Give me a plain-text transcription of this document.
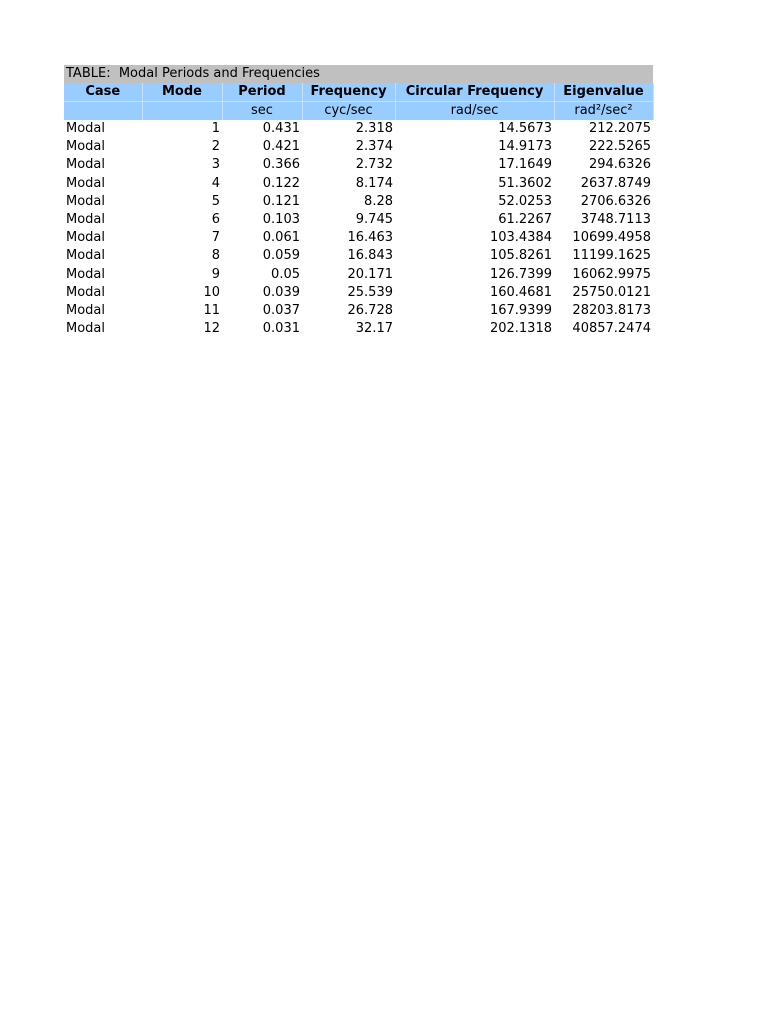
TABLE:  Modal Periods and Frequencies
Case	Mode	Period	Frequency	Circular Frequency	Eigenvalue
		sec	cyc/sec	rad/sec	rad²/sec²
Modal	1	0.431	2.318	14.5673	212.2075
Modal	2	0.421	2.374	14.9173	222.5265
Modal	3	0.366	2.732	17.1649	294.6326
Modal	4	0.122	8.174	51.3602	2637.8749
Modal	5	0.121	8.28	52.0253	2706.6326
Modal	6	0.103	9.745	61.2267	3748.7113
Modal	7	0.061	16.463	103.4384	10699.4958
Modal	8	0.059	16.843	105.8261	11199.1625
Modal	9	0.05	20.171	126.7399	16062.9975
Modal	10	0.039	25.539	160.4681	25750.0121
Modal	11	0.037	26.728	167.9399	28203.8173
Modal	12	0.031	32.17	202.1318	40857.2474
